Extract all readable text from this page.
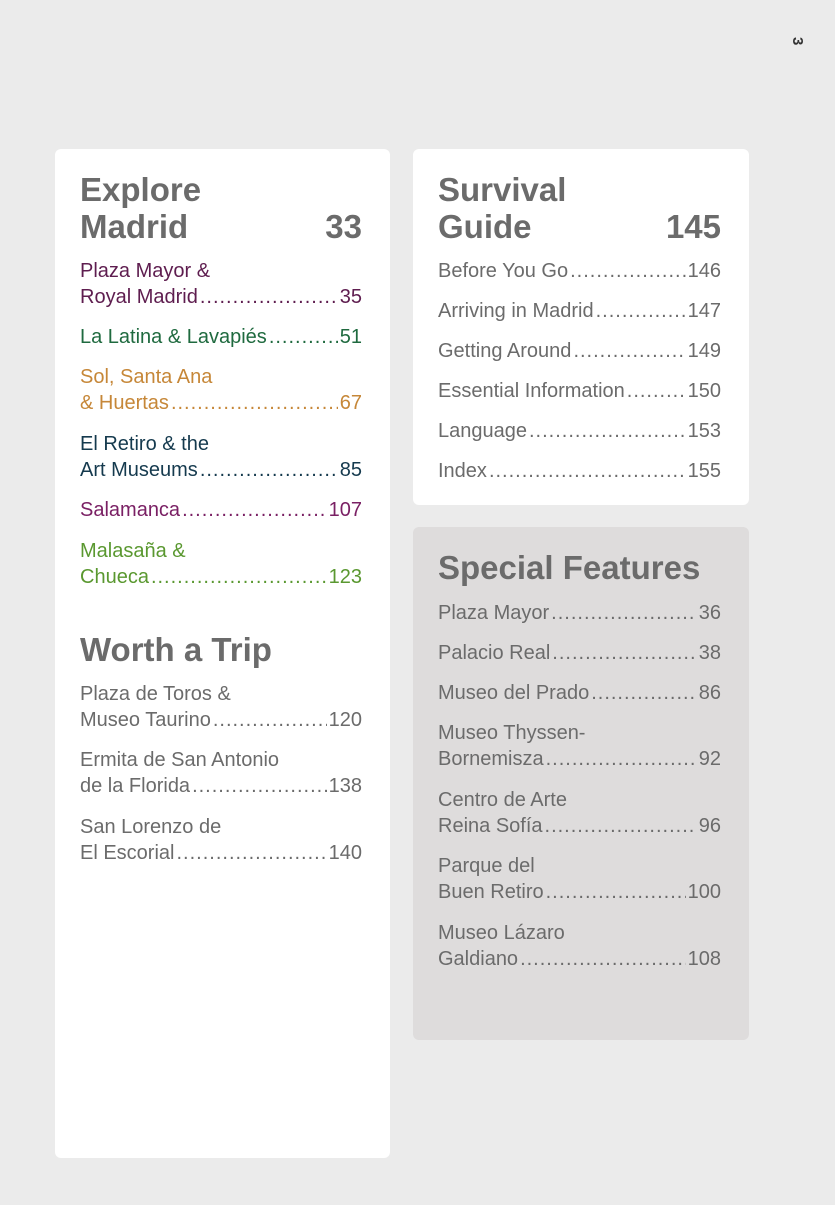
3
Explore
Madrid	33
Plaza Mayor &
Royal Madrid .....	35
La Latina & Lavapiés .....	51
Sol, Santa Ana
& Huertas .....	67
El Retiro & the
Art Museums .....	85
Salamanca .....	107
Malasaña &
Chueca .....	123
Worth a Trip
Plaza de Toros &
Museo Taurino .....	120
Ermita de San Antonio
de la Florida .....	138
San Lorenzo de
El Escorial .....	140
Survival
Guide	145
Before You Go .....	146
Arriving in Madrid .....	147
Getting Around .....	149
Essential Information .....	150
Language .....	153
Index .....	155
Special Features
Plaza Mayor .....	36
Palacio Real .....	38
Museo del Prado .....	86
Museo Thyssen-
Bornemisza .....	92
Centro de Arte
Reina Sofía .....	96
Parque del
Buen Retiro .....	100
Museo Lázaro
Galdiano .....	108
